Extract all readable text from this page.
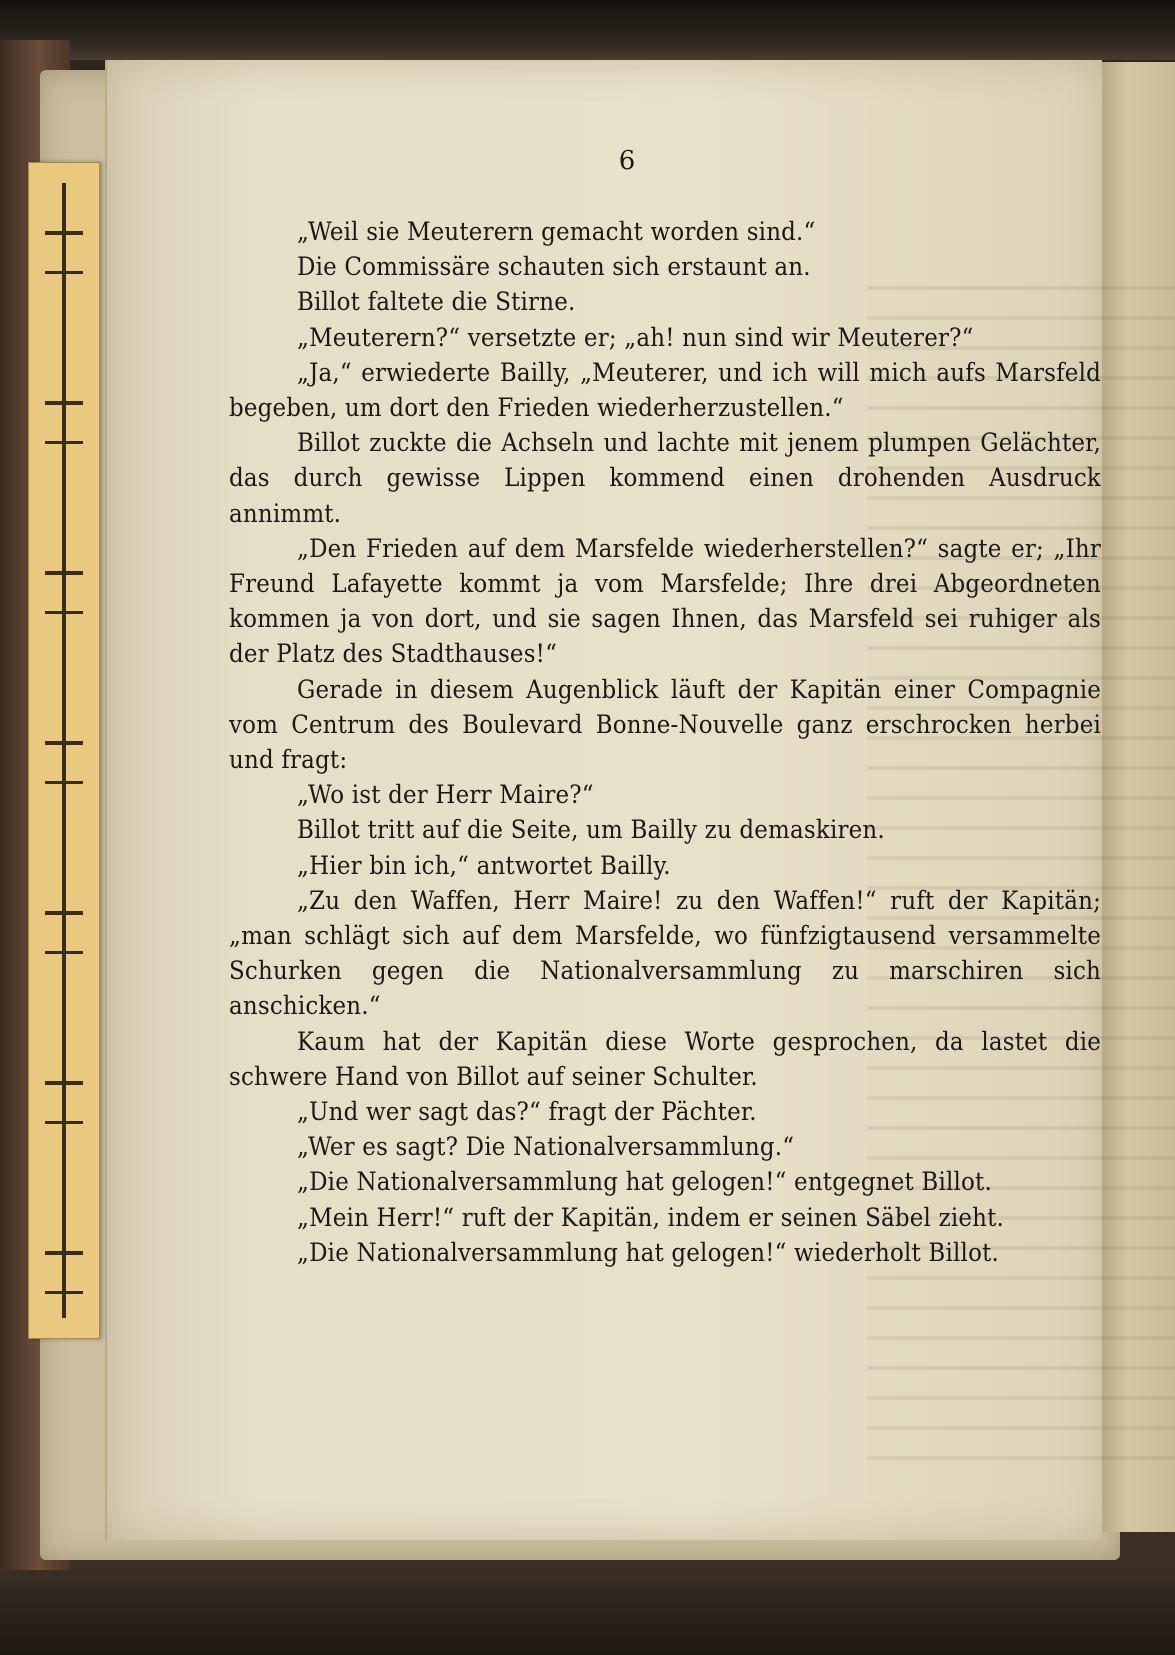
6

„Weil sie Meuterern gemacht worden sind.“

Die Commissäre schauten sich erstaunt an.

Billot faltete die Stirne.

„Meuterern?“ versetzte er; „ah! nun sind wir Meuterer?“

„Ja,“ erwiederte Bailly, „Meuterer, und ich will mich aufs Marsfeld begeben, um dort den Frieden wiederherzustellen.“

Billot zuckte die Achseln und lachte mit jenem plumpen Gelächter, das durch gewisse Lippen kommend einen drohenden Ausdruck annimmt.

„Den Frieden auf dem Marsfelde wiederherstellen?“ sagte er; „Ihr Freund Lafayette kommt ja vom Marsfelde; Ihre drei Abgeordneten kommen ja von dort, und sie sagen Ihnen, das Marsfeld sei ruhiger als der Platz des Stadthauses!“

Gerade in diesem Augenblick läuft der Kapitän einer Compagnie vom Centrum des Boulevard Bonne-Nouvelle ganz erschrocken herbei und fragt:

„Wo ist der Herr Maire?“

Billot tritt auf die Seite, um Bailly zu demaskiren.

„Hier bin ich,“ antwortet Bailly.

„Zu den Waffen, Herr Maire! zu den Waffen!“ ruft der Kapitän; „man schlägt sich auf dem Marsfelde, wo fünfzigtausend versammelte Schurken gegen die Nationalversammlung zu marschiren sich anschicken.“

Kaum hat der Kapitän diese Worte gesprochen, da lastet die schwere Hand von Billot auf seiner Schulter.

„Und wer sagt das?“ fragt der Pächter.

„Wer es sagt? Die Nationalversammlung.“

„Die Nationalversammlung hat gelogen!“ entgegnet Billot.

„Mein Herr!“ ruft der Kapitän, indem er seinen Säbel zieht.

„Die Nationalversammlung hat gelogen!“ wiederholt Billot.
